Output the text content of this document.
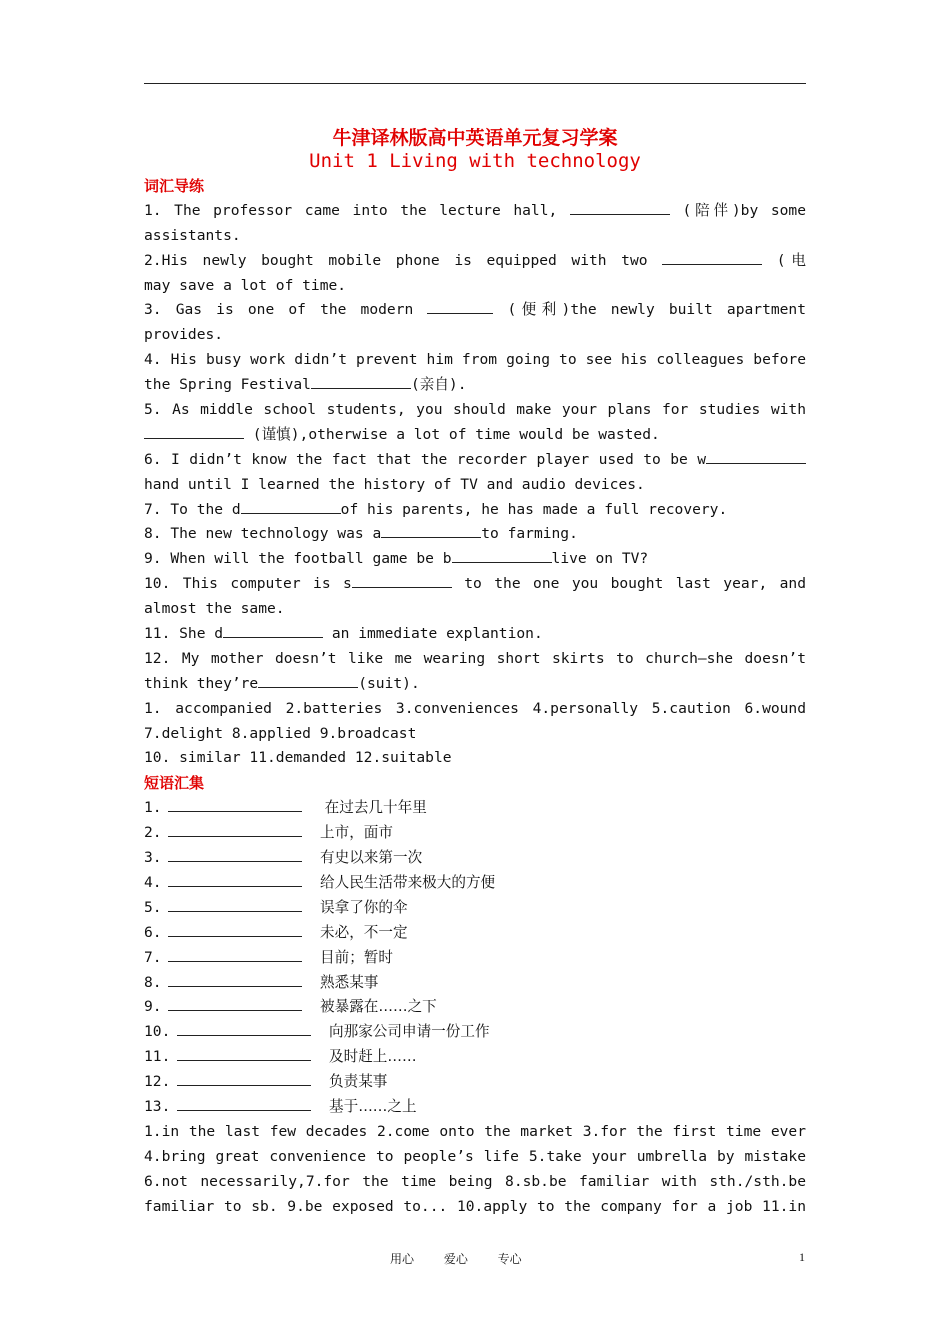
牛津译林版高中英语单元复习学案
Unit 1 Living with technology
词汇导练
1. The professor came into the lecture hall,	(陪伴)by some
assistants.
2.His newly bought mobile phone is equipped with two	(电
may save a lot of time.
3. Gas is one of the modern	(便利)the newly built apartment
provides.
4. His busy work didn’t prevent him from going to see his colleagues before
the Spring Festival	(亲自).
5. As middle school students, you should make your plans for studies with
(谨慎),otherwise a lot of time would be wasted.
6. I didn’t know the fact that the recorder player used to be w
hand until I learned the history of TV and audio devices.
7. To the d	of his parents, he has made a full recovery.
8. The new technology was a	to farming.
9. When will the football game be b	live on TV?
10. This computer is s	to the one you bought last year, and
almost the same.
11. She d	an immediate explantion.
12. My mother doesn’t like me wearing short skirts to church—she doesn’t
think they’re	(suit).
1. accompanied 2.batteries 3.conveniences 4.personally 5.caution 6.wound
7.delight 8.applied 9.broadcast
10. similar 11.demanded 12.suitable
短语汇集
1.	在过去几十年里
2.	上市，面市
3.	有史以来第一次
4.	给人民生活带来极大的方便
5.	误拿了你的伞
6.	未必，不一定
7.	目前；暂时
8.	熟悉某事
9.	被暴露在……之下
10.	向那家公司申请一份工作
11.	及时赶上……
12.	负责某事
13.	基于……之上
1.in the last few decades 2.come onto the market 3.for the first time ever
4.bring great convenience to people’s life 5.take your umbrella by mistake
6.not necessarily,7.for the time being 8.sb.be familiar with sth./sth.be
familiar to sb. 9.be exposed to... 10.apply to the company for a job 11.in
用心 爱心 专心	1
